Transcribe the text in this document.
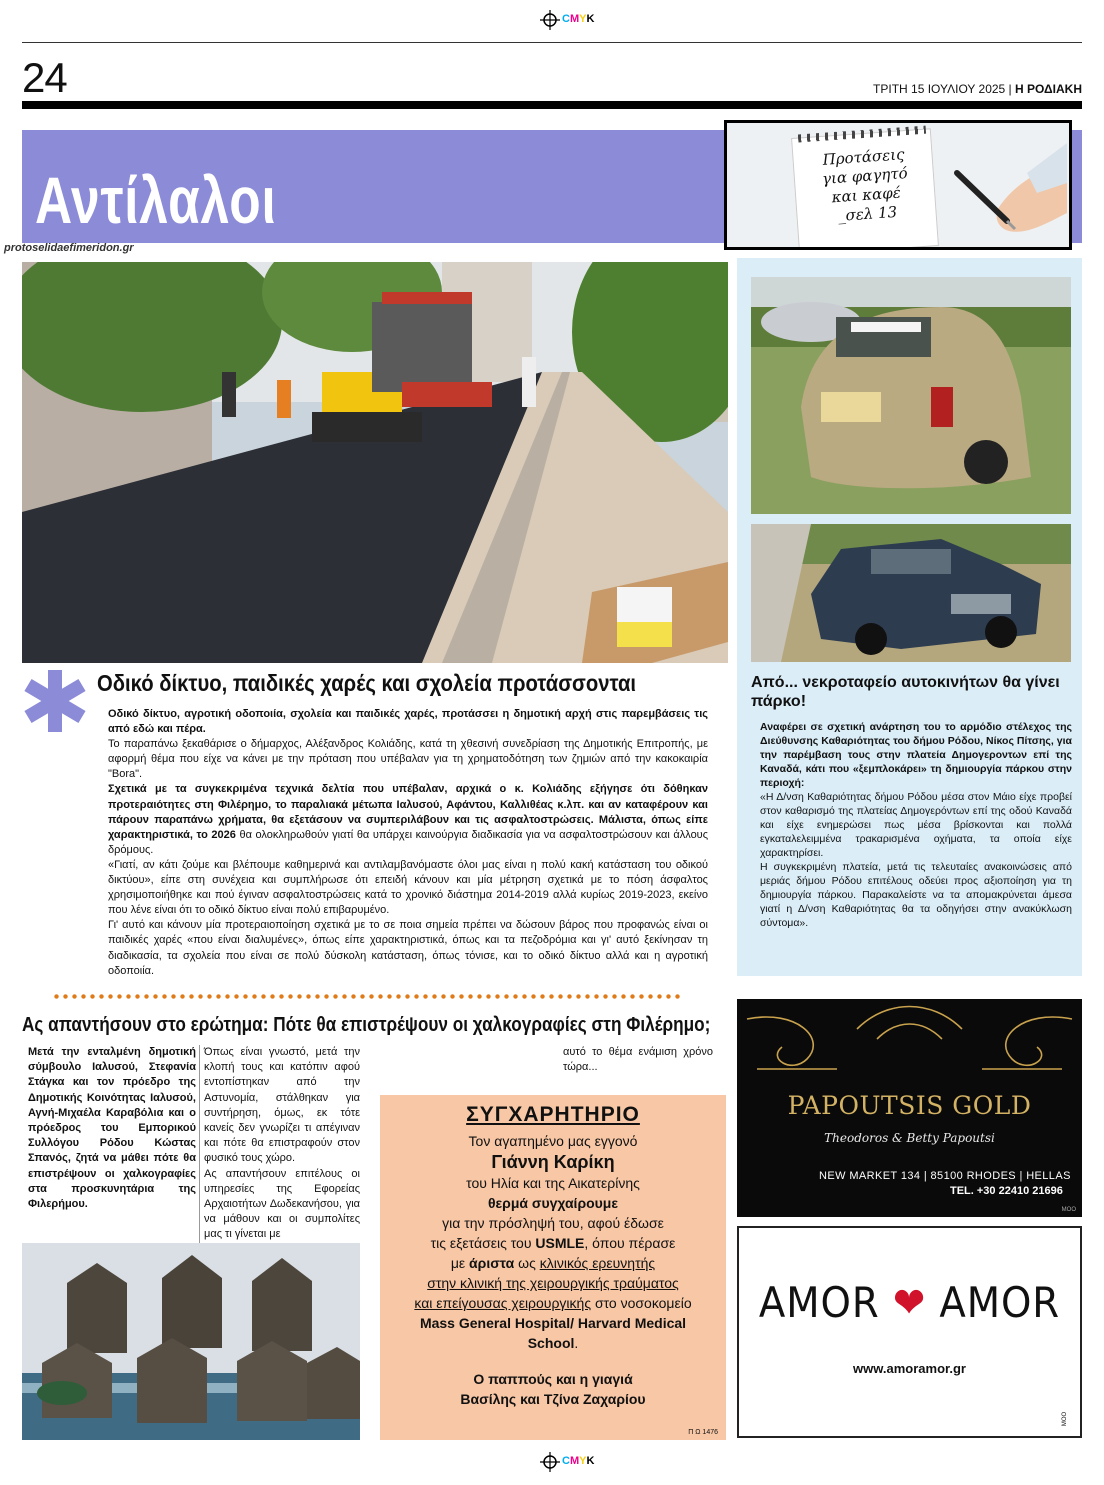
CMYK
CMYK
24	ΤΡΙΤΗ 15 ΙΟΥΛΙΟΥ 2025 | Η ΡΟΔΙΑΚΗ
Αντίλαλοι
protoselidaefimeridon.gr
Προτάσεις
για φαγητό
και καφέ
_σελ 13
Από... νεκροταφείο αυτοκινήτων θα γίνει πάρκο!

Αναφέρει σε σχετική ανάρτηση του το αρμόδιο στέλεχος της Διεύθυνσης Καθαριότητας του δήμου Ρόδου, Νίκος Πίτσης, για την παρέμβαση τους στην πλατεία Δημογεροντων επί της Καναδά, κάτι που «ξεμπλοκάρει» τη δημιουργία πάρκου στην περιοχή:

«Η Δ/νση Καθαριότητας δήμου Ρόδου μέσα στον Μάιο είχε προβεί στον καθαρισμό της πλατείας Δημογερόντων επί της οδού Καναδά και είχε ενημερώσει πως μέσα βρίσκονται και πολλά εγκαταλελειμμένα τρακαρισμένα οχήματα, τα οποία είχε χαρακτηρίσει.

Η συγκεκριμένη πλατεία, μετά τις τελευταίες ανακοινώσεις από μεριάς δήμου Ρόδου επιτέλους οδεύει προς αξιοποίηση για τη δημιουργία πάρκου. Παρακαλείστε να τα απομακρύνεται άμεσα γιατί η Δ/νση Καθαριότητας θα τα οδηγήσει στην ανακύκλωση σύντομα».

Οδικό δίκτυο, παιδικές χαρές και σχολεία προτάσσονται

Οδικό δίκτυο, αγροτική οδοποιία, σχολεία και παιδικές χαρές, προτάσσει η δημοτική αρχή στις παρεμβάσεις τις από εδώ και πέρα.

Το παραπάνω ξεκαθάρισε ο δήμαρχος, Αλέξανδρος Κολιάδης, κατά τη χθεσινή συνεδρίαση της Δημοτικής Επιτροπής, με αφορμή θέμα που είχε να κάνει με την πρόταση που υπέβαλαν για τη χρηματοδότηση των ζημιών από την κακοκαιρία "Bora".

Σχετικά με τα συγκεκριμένα τεχνικά δελτία που υπέβαλαν, αρχικά ο κ. Κολιάδης εξήγησε ότι δόθηκαν προτεραιότητες στη Φιλέρημο, το παραλιακά μέτωπα Ιαλυσού, Αφάντου, Καλλιθέας κ.λπ. και αν καταφέρουν και πάρουν παραπάνω χρήματα, θα εξετάσουν να συμπεριλάβουν και τις ασφαλτοστρώσεις. Μάλιστα, όπως είπε χαρακτηριστικά, το 2026 θα ολοκληρωθούν γιατί θα υπάρχει καινούργια διαδικασία για να ασφαλτοστρώσουν και άλλους δρόμους.

«Γιατί, αν κάτι ζούμε και βλέπουμε καθημερινά και αντιλαμβανόμαστε όλοι μας είναι η πολύ κακή κατάσταση του οδικού δικτύου», είπε στη συνέχεια και συμπλήρωσε ότι επειδή κάνουν και μία μέτρηση σχετικά με το πόση άσφαλτος χρησιμοποιήθηκε και πού έγιναν ασφαλτοστρώσεις κατά το χρονικό διάστημα 2014-2019 αλλά κυρίως 2019-2023, εκείνο που λένε είναι ότι το οδικό δίκτυο είναι πολύ επιβαρυμένο.

Γι' αυτό και κάνουν μία προτεραιοποίηση σχετικά με το σε ποια σημεία πρέπει να δώσουν βάρος που προφανώς είναι οι παιδικές χαρές «που είναι διαλυμένες», όπως είπε χαρακτηριστικά, όπως και τα πεζοδρόμια και γι' αυτό ξεκίνησαν τη διαδικασία, τα σχολεία που είναι σε πολύ δύσκολη κατάσταση, όπως τόνισε, και το οδικό δίκτυο αλλά και η αγροτική οδοποιία.

Ας απαντήσουν στο ερώτημα: Πότε θα επιστρέψουν οι χαλκογραφίες στη Φιλέρημο;
Μετά την ενταλμένη δημοτική σύμβουλο Ιαλυσού, Στεφανία Στάγκα και τον πρόεδρο της Δημοτικής Κοινότητας Ιαλυσού, Αγνή-Μιχαέλα Καραβόλια και ο πρόεδρος του Εμπορικού Συλλόγου Ρόδου Κώστας Σπανός, ζητά να μάθει πότε θα επιστρέψουν οι χαλκογραφίες στα προσκυνητάρια της Φιλερήμου.

Όπως είναι γνωστό, μετά την κλοπή τους και κατόπιν αφού εντοπίστηκαν από την Αστυνομία, στάλθηκαν για συντήρηση, όμως, εκ τότε κανείς δεν γνωρίζει τι απέγιναν και πότε θα επιστραφούν στον φυσικό τους χώρο.

Ας απαντήσουν επιτέλους οι υπηρεσίες της Εφορείας Αρχαιοτήτων Δωδεκανήσου, για να μάθουν και οι συμπολίτες μας τι γίνεται με

αυτό το θέμα ενάμιση χρόνο τώρα...
ΣΥΓΧΑΡΗΤΗΡΙΟ
Τον αγαπημένο μας εγγονό
Γιάννη Καρίκη
του Ηλία και της Αικατερίνης
θερμά συγχαίρουμε
για την πρόσληψή του, αφού έδωσε
τις εξετάσεις του USMLE, όπου πέρασε
με άριστα ως κλινικός ερευνητής
στην κλινική της χειρουργικής τραύματος
και επείγουσας χειρουργικής στο νοσοκομείο
Mass General Hospital/ Harvard Medical
School.
Ο παππούς και η γιαγιά
Βασίλης και Τζίνα Ζαχαρίου
Π Ω 1476
PAPOUTSIS GOLD
Theodoros & Betty Papoutsi
NEW MARKET 134 | 85100 RHODES | HELLAS
TEL. +30 22410 21696
ΜΟΟ
AMOR ❤ AMOR
www.amoramor.gr
ΜΟΟ
